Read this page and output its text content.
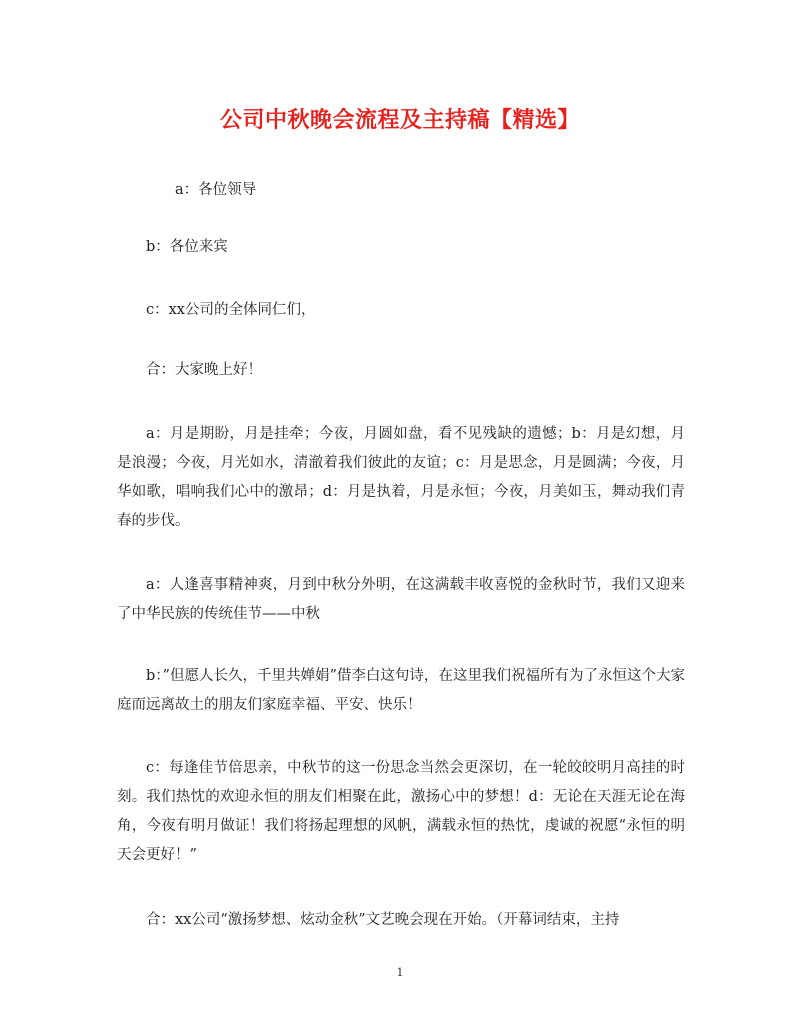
公司中秋晚会流程及主持稿【精选】

a：各位领导

b：各位来宾

c：xx公司的全体同仁们，

合：大家晚上好！

a：月是期盼，月是挂牵；今夜，月圆如盘，看不见残缺的遗憾；b：月是幻想，月是浪漫；今夜，月光如水，清澈着我们彼此的友谊；c：月是思念，月是圆满；今夜，月华如歌，唱响我们心中的激昂；d：月是执着，月是永恒；今夜，月美如玉，舞动我们青春的步伐。

a：人逢喜事精神爽，月到中秋分外明，在这满载丰收喜悦的金秋时节，我们又迎来了中华民族的传统佳节——中秋

b：”但愿人长久，千里共婵娟”借李白这句诗，在这里我们祝福所有为了永恒这个大家庭而远离故土的朋友们家庭幸福、平安、快乐！

c：每逢佳节倍思亲，中秋节的这一份思念当然会更深切，在一轮皎皎明月高挂的时刻。我们热忱的欢迎永恒的朋友们相聚在此，激扬心中的梦想！d：无论在天涯无论在海角，今夜有明月做证！我们将扬起理想的风帆，满载永恒的热忱，虔诚的祝愿“永恒的明天会更好！”

合：xx公司“激扬梦想、炫动金秋”文艺晚会现在开始。（开幕词结束，主持

1
